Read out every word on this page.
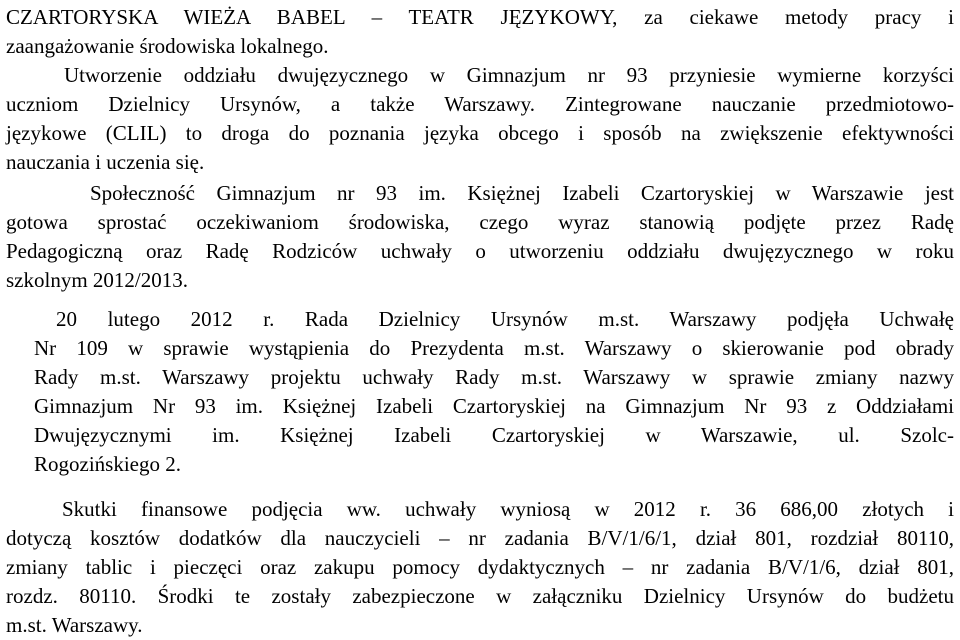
CZARTORYSKA WIEŻA BABEL – TEATR JĘZYKOWY, za ciekawe metody pracy i
zaangażowanie środowiska lokalnego.

Utworzenie oddziału dwujęzycznego w Gimnazjum nr 93 przyniesie wymierne korzyści
uczniom Dzielnicy Ursynów, a także Warszawy. Zintegrowane nauczanie przedmiotowo-
językowe (CLIL) to droga do poznania języka obcego i sposób na zwiększenie efektywności
nauczania i uczenia się.

Społeczność Gimnazjum nr 93 im. Księżnej Izabeli Czartoryskiej w Warszawie jest
gotowa sprostać oczekiwaniom środowiska, czego wyraz stanowią podjęte przez Radę
Pedagogiczną oraz Radę Rodziców uchwały o utworzeniu oddziału dwujęzycznego w roku
szkolnym 2012/2013.

20 lutego 2012 r. Rada Dzielnicy Ursynów m.st. Warszawy podjęła Uchwałę
Nr 109 w sprawie wystąpienia do Prezydenta m.st. Warszawy o skierowanie pod obrady
Rady m.st. Warszawy projektu uchwały Rady m.st. Warszawy w sprawie zmiany nazwy
Gimnazjum Nr 93 im. Księżnej Izabeli Czartoryskiej na Gimnazjum Nr 93 z Oddziałami
Dwujęzycznymi im. Księżnej Izabeli Czartoryskiej w Warszawie, ul. Szolc-
Rogozińskiego 2.

Skutki finansowe podjęcia ww. uchwały wyniosą w 2012 r. 36 686,00 złotych i
dotyczą kosztów dodatków dla nauczycieli – nr zadania B/V/1/6/1, dział 801, rozdział 80110,
zmiany tablic i pieczęci oraz zakupu pomocy dydaktycznych – nr zadania B/V/1/6, dział 801,
rozdz. 80110. Środki te zostały zabezpieczone w załączniku Dzielnicy Ursynów do budżetu
m.st. Warszawy.
